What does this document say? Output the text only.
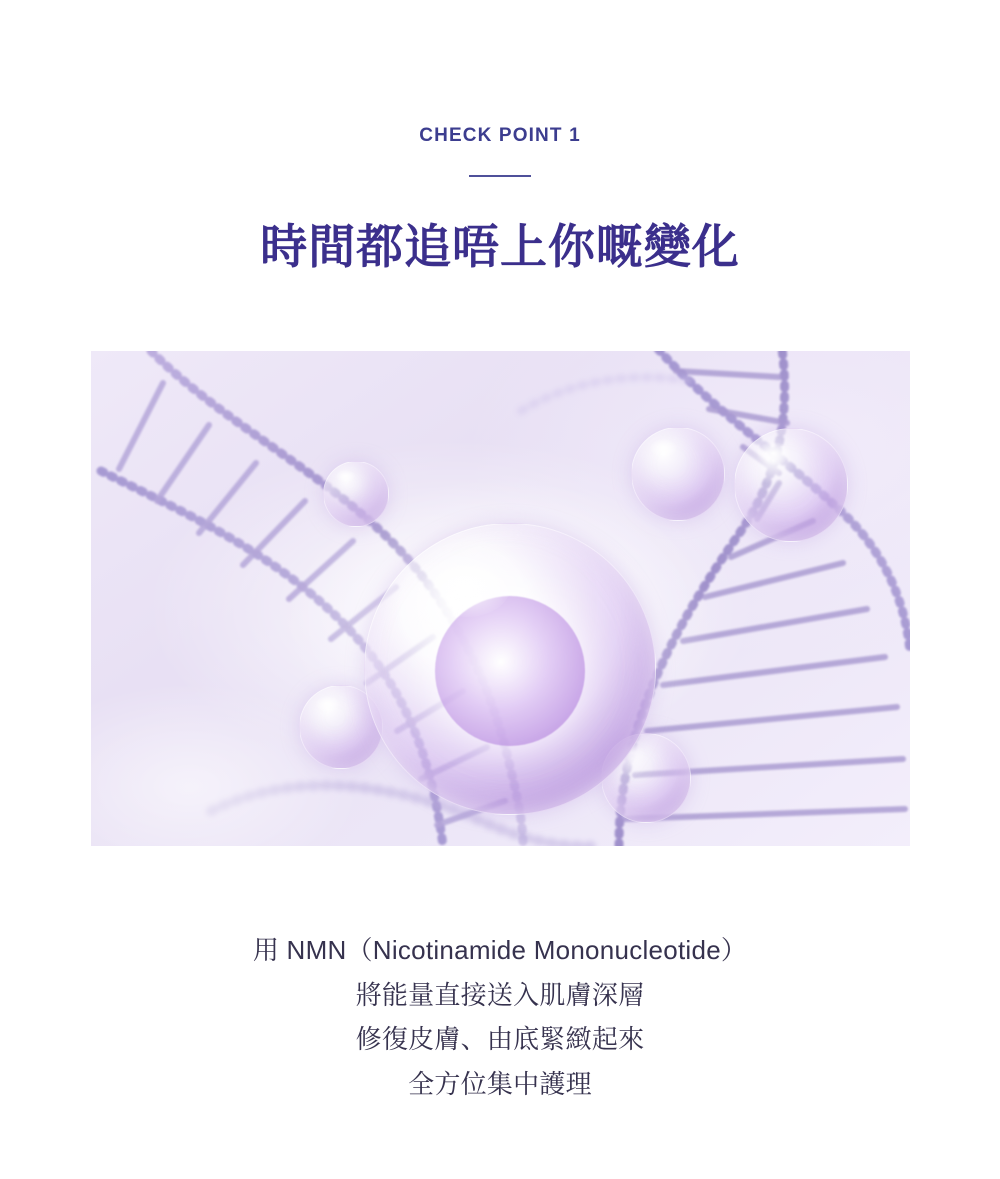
CHECK POINT 1
時間都追唔上你嘅變化
用 NMN（Nicotinamide Mononucleotide）
將能量直接送入肌膚深層
修復皮膚、由底緊緻起來
全方位集中護理
